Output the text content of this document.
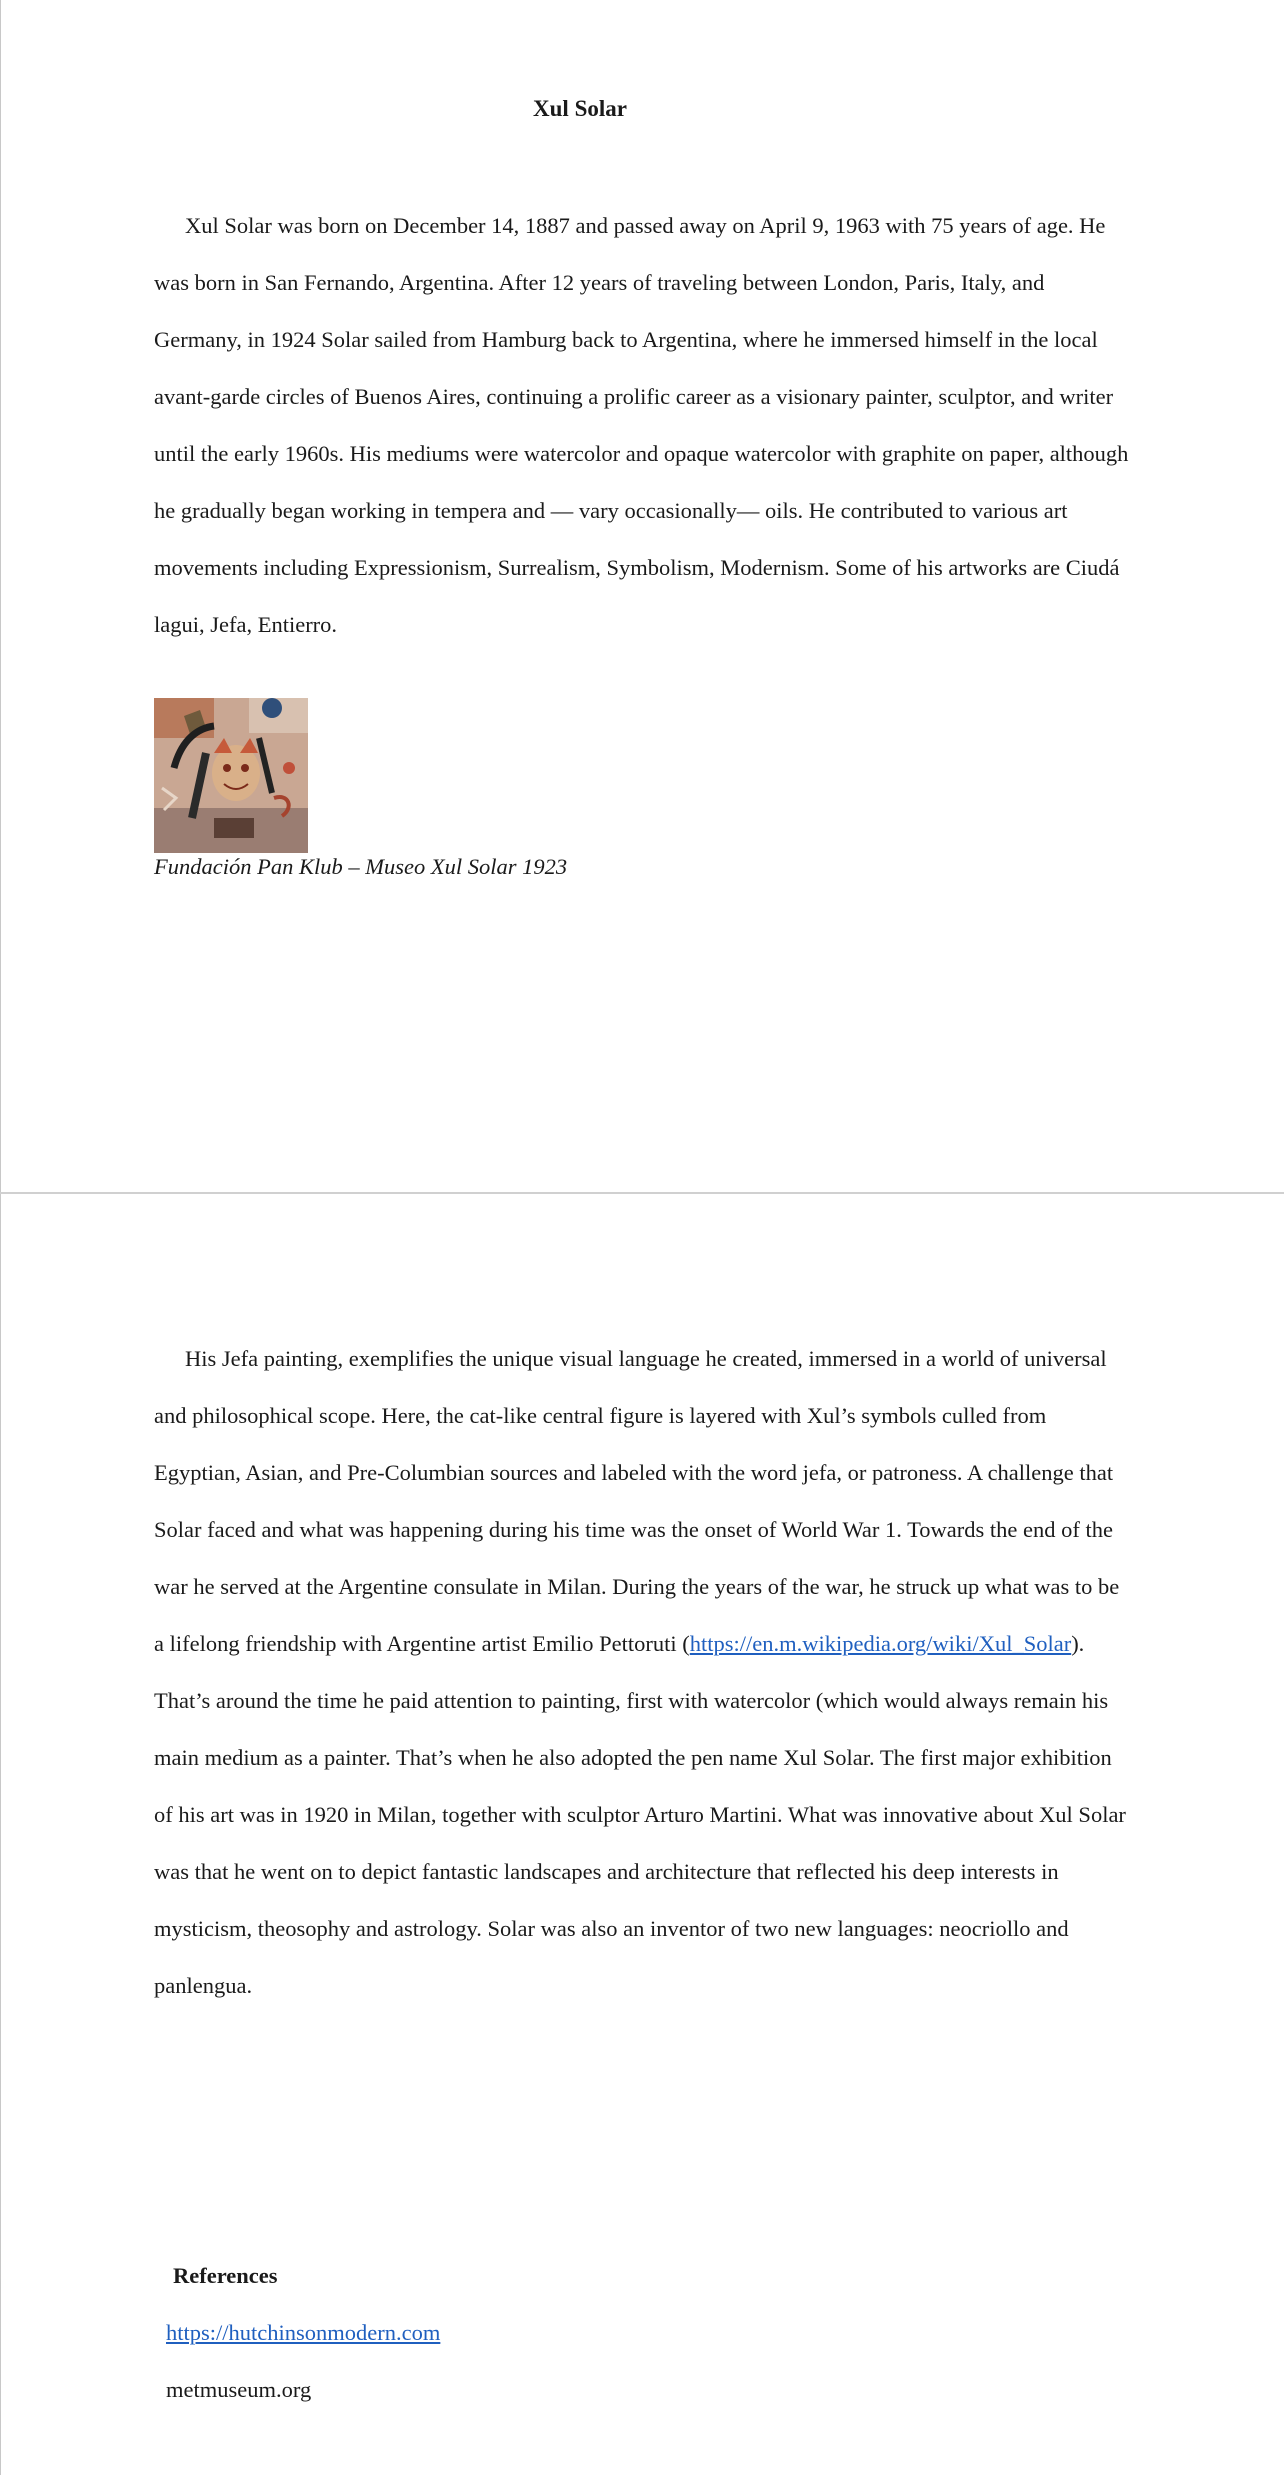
Xul Solar

Xul Solar was born on December 14, 1887 and passed away on April 9, 1963 with 75 years of age. He was born in San Fernando, Argentina. After 12 years of traveling between London, Paris, Italy, and Germany, in 1924 Solar sailed from Hamburg back to Argentina, where he immersed himself in the local avant-garde circles of Buenos Aires, continuing a prolific career as a visionary painter, sculptor, and writer until the early 1960s. His mediums were watercolor and opaque watercolor with graphite on paper, although he gradually began working in tempera and — vary occasionally— oils. He contributed to various art movements including Expressionism, Surrealism, Symbolism, Modernism. Some of his artworks are Ciudá lagui, Jefa, Entierro.

Fundación Pan Klub – Museo Xul Solar 1923

His Jefa painting, exemplifies the unique visual language he created, immersed in a world of universal and philosophical scope. Here, the cat-like central figure is layered with Xul’s symbols culled from Egyptian, Asian, and Pre-Columbian sources and labeled with the word jefa, or patroness. A challenge that Solar faced and what was happening during his time was the onset of World War 1. Towards the end of the war he served at the Argentine consulate in Milan. During the years of the war, he struck up what was to be a lifelong friendship with Argentine artist Emilio Pettoruti (https://en.m.wikipedia.org/wiki/Xul_Solar). That’s around the time he paid attention to painting, first with watercolor (which would always remain his main medium as a painter. That’s when he also adopted the pen name Xul Solar. The first major exhibition of his art was in 1920 in Milan, together with sculptor Arturo Martini. What was innovative about Xul Solar was that he went on to depict fantastic landscapes and architecture that reflected his deep interests in mysticism, theosophy and astrology. Solar was also an inventor of two new languages: neocriollo and panlengua.

References
https://hutchinsonmodern.com
metmuseum.org
